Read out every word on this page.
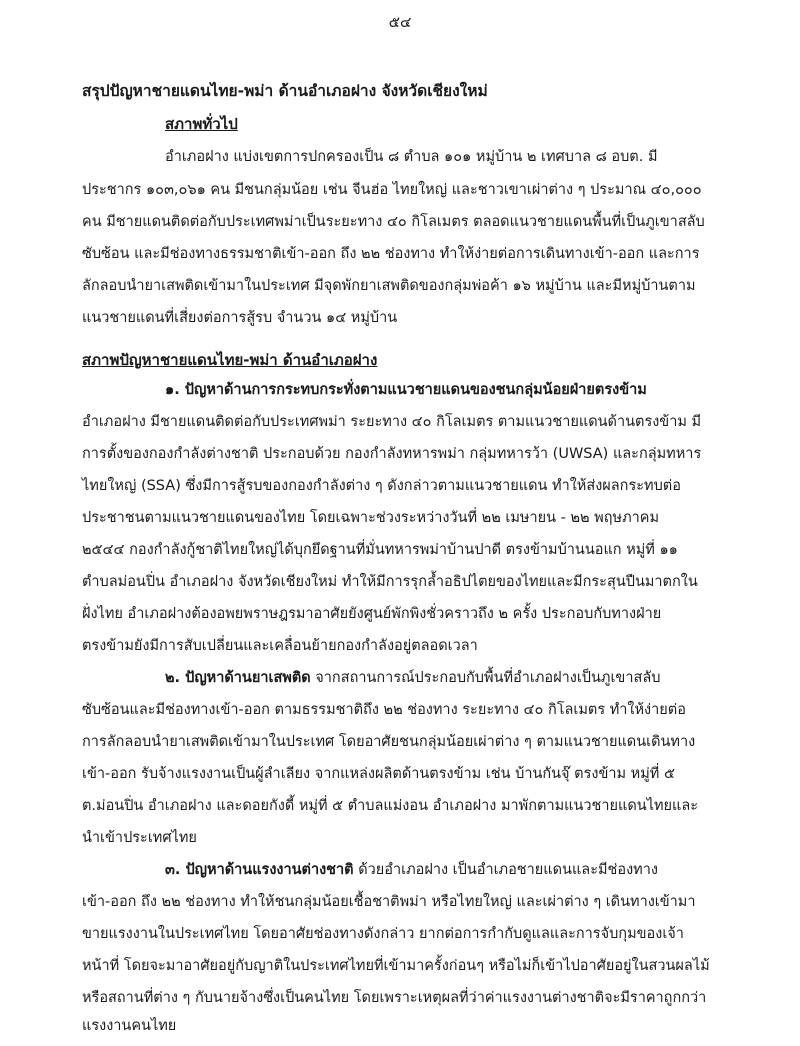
๕๔
สรุปปัญหาชายแดนไทย-พม่า ด้านอำเภอฝาง จังหวัดเชียงใหม่
สภาพทั่วไป
อำเภอฝาง แบ่งเขตการปกครองเป็น ๘ ตำบล ๑๐๑ หมู่บ้าน ๒ เทศบาล ๘ อบต. มี
ประชากร ๑๐๓,๐๖๑ คน มีชนกลุ่มน้อย เช่น จีนฮ่อ ไทยใหญ่ และชาวเขาเผ่าต่าง ๆ ประมาณ ๔๐,๐๐๐
คน มีชายแดนติดต่อกับประเทศพม่าเป็นระยะทาง ๔๐ กิโลเมตร ตลอดแนวชายแดนพื้นที่เป็นภูเขาสลับ
ซับซ้อน และมีช่องทางธรรมชาติเข้า-ออก ถึง ๒๒ ช่องทาง ทำให้ง่ายต่อการเดินทางเข้า-ออก และการ
ลักลอบนำยาเสพติดเข้ามาในประเทศ มีจุดพักยาเสพติดของกลุ่มพ่อค้า ๑๖ หมู่บ้าน และมีหมู่บ้านตาม
แนวชายแดนที่เสี่ยงต่อการสู้รบ จำนวน ๑๔ หมู่บ้าน
สภาพปัญหาชายแดนไทย-พม่า ด้านอำเภอฝาง
๑. ปัญหาด้านการกระทบกระทั่งตามแนวชายแดนของชนกลุ่มน้อยฝ่ายตรงข้าม
อำเภอฝาง มีชายแดนติดต่อกับประเทศพม่า ระยะทาง ๔๐ กิโลเมตร ตามแนวชายแดนด้านตรงข้าม มี
การตั้งของกองกำลังต่างชาติ ประกอบด้วย กองกำลังทหารพม่า กลุ่มทหารว้า (UWSA) และกลุ่มทหาร
ไทยใหญ่ (SSA) ซึ่งมีการสู้รบของกองกำลังต่าง ๆ ดังกล่าวตามแนวชายแดน ทำให้ส่งผลกระทบต่อ
ประชาชนตามแนวชายแดนของไทย โดยเฉพาะช่วงระหว่างวันที่ ๒๒ เมษายน - ๒๒ พฤษภาคม
๒๕๔๔ กองกำลังกู้ชาติไทยใหญ่ได้บุกยึดฐานที่มั่นทหารพม่าบ้านปาดี ตรงข้ามบ้านนอแก หมู่ที่ ๑๑
ตำบลม่อนปิ่น อำเภอฝาง จังหวัดเชียงใหม่ ทำให้มีการรุกล้ำอธิปไตยของไทยและมีกระสุนปืนมาตกใน
ฝั่งไทย อำเภอฝางต้องอพยพราษฎรมาอาศัยยังศูนย์พักพิงชั่วคราวถึง ๒ ครั้ง ประกอบกับทางฝ่าย
ตรงข้ามยังมีการสับเปลี่ยนและเคลื่อนย้ายกองกำลังอยู่ตลอดเวลา
๒. ปัญหาด้านยาเสพติด จากสถานการณ์ประกอบกับพื้นที่อำเภอฝางเป็นภูเขาสลับ
ซับซ้อนและมีช่องทางเข้า-ออก ตามธรรมชาติถึง ๒๒ ช่องทาง ระยะทาง ๔๐ กิโลเมตร ทำให้ง่ายต่อ
การลักลอบนำยาเสพติดเข้ามาในประเทศ โดยอาศัยชนกลุ่มน้อยเผ่าต่าง ๆ ตามแนวชายแดนเดินทาง
เข้า-ออก รับจ้างแรงงานเป็นผู้ลำเลียง จากแหล่งผลิตด้านตรงข้าม เช่น บ้านกันจุ๊ ตรงข้าม หมู่ที่ ๕
ต.ม่อนปิ่น อำเภอฝาง และดอยกังดี้ หมู่ที่ ๕ ตำบลแม่งอน อำเภอฝาง มาพักตามแนวชายแดนไทยและ
นำเข้าประเทศไทย
๓. ปัญหาด้านแรงงานต่างชาติ ด้วยอำเภอฝาง เป็นอำเภอชายแดนและมีช่องทาง
เข้า-ออก ถึง ๒๒ ช่องทาง ทำให้ชนกลุ่มน้อยเชื้อชาติพม่า หรือไทยใหญ่ และเผ่าต่าง ๆ เดินทางเข้ามา
ขายแรงงานในประเทศไทย โดยอาศัยช่องทางดังกล่าว ยากต่อการกำกับดูแลและการจับกุมของเจ้า
หน้าที่ โดยจะมาอาศัยอยู่กับญาติในประเทศไทยที่เข้ามาครั้งก่อนๆ หรือไม่ก็เข้าไปอาศัยอยู่ในสวนผลไม้
หรือสถานที่ต่าง ๆ กับนายจ้างซึ่งเป็นคนไทย โดยเพราะเหตุผลที่ว่าค่าแรงงานต่างชาติจะมีราคาถูกกว่า
แรงงานคนไทย
